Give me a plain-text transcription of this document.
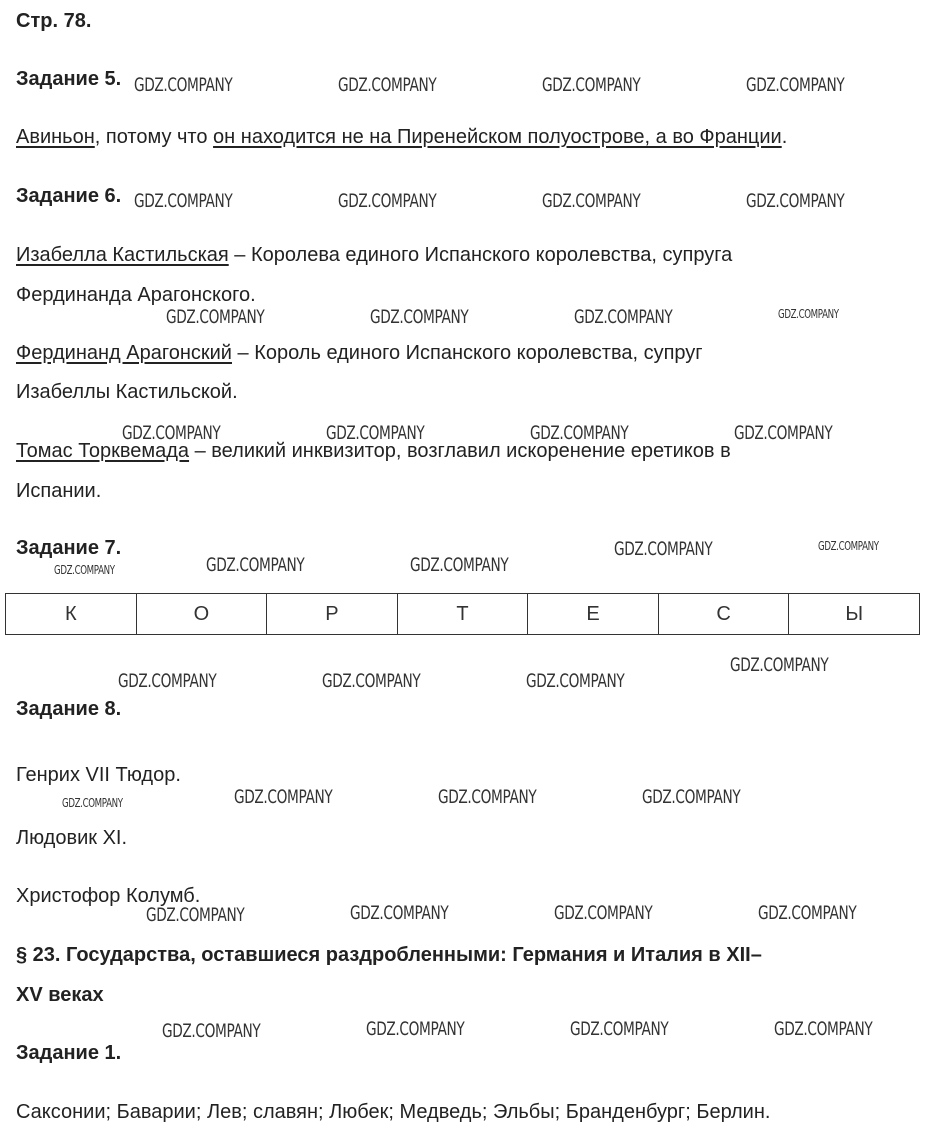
Стр. 78.
Задание 5.
Авиньон, потому что он находится не на Пиренейском полуострове, а во Франции.
Задание 6.
Изабелла Кастильская – Королева единого Испанского королевства, супруга
Фердинанда Арагонского.
Фердинанд Арагонский – Король единого Испанского королевства, супруг
Изабеллы Кастильской.
Томас Торквемада – великий инквизитор, возглавил искоренение еретиков в
Испании.
Задание 7.
К	О	Р	Т	Е	С	Ы
Задание 8.
Генрих VII Тюдор.
Людовик XI.
Христофор Колумб.
§ 23. Государства, оставшиеся раздробленными: Германия и Италия в XII–
XV веках
Задание 1.
Саксонии; Баварии; Лев; славян; Любек; Медведь; Эльбы; Бранденбург; Берлин.
GDZ.COMPANY	GDZ.COMPANY	GDZ.COMPANY	GDZ.COMPANY
GDZ.COMPANY	GDZ.COMPANY	GDZ.COMPANY	GDZ.COMPANY
GDZ.COMPANY	GDZ.COMPANY	GDZ.COMPANY	GDZ.COMPANY
GDZ.COMPANY	GDZ.COMPANY	GDZ.COMPANY	GDZ.COMPANY
GDZ.COMPANY
GDZ.COMPANY
GDZ.COMPANY	GDZ.COMPANY	GDZ.COMPANY
GDZ.COMPANY
GDZ.COMPANY	GDZ.COMPANY	GDZ.COMPANY
GDZ.COMPANY	GDZ.COMPANY	GDZ.COMPANY	GDZ.COMPANY
GDZ.COMPANY	GDZ.COMPANY	GDZ.COMPANY	GDZ.COMPANY
GDZ.COMPANY	GDZ.COMPANY	GDZ.COMPANY	GDZ.COMPANY
